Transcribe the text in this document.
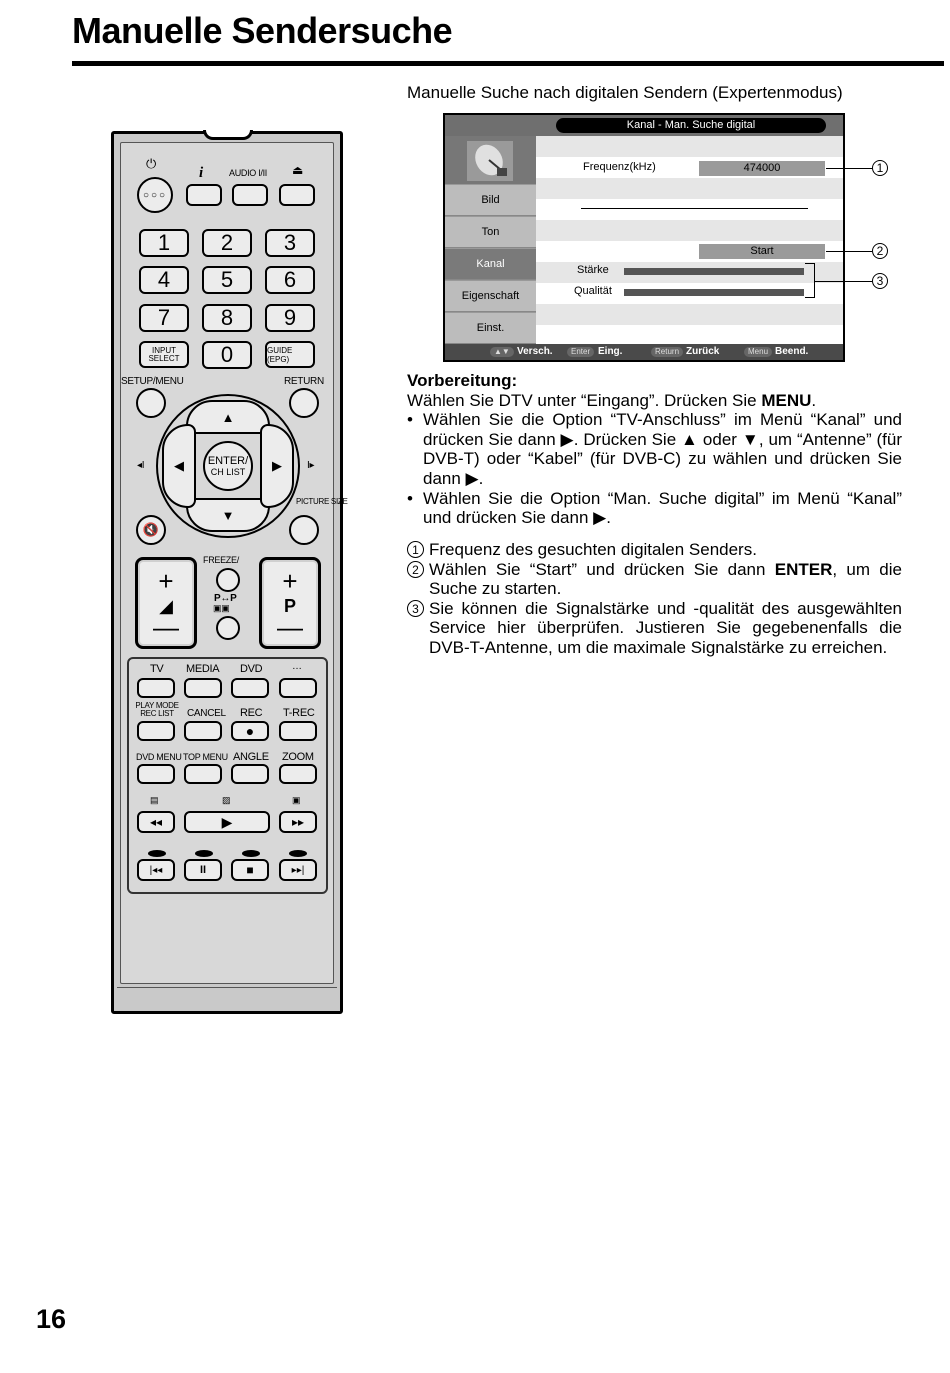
Manuelle Sendersuche
⏻
○○○
i	AUDIO I/II ⏏
1	2	3
4	5	6
7	8	9
INPUT SELECT	0	GUIDE (EPG)
SETUP/MENU	RETURN
▲
▼
◀	▶
ENTER/
CH LIST
◂I	I▸
PICTURE SIZE
🔇
+
◢
—
+
P
—
FREEZE/
P↔P
▣▣
TV MEDIA DVD	…
PLAY MODE REC LIST	CANCEL REC T-REC
●
DVD MENU TOP MENU ANGLE ZOOM
▤	▨	▣
◂◂	▶	▸▸
|◂◂	II	■	▸▸|
Manuelle Suche nach digitalen Sendern (Expertenmodus)
Kanal - Man. Suche digital
Bild
Ton
Kanal
Eigenschaft
Einst.
Frequenz(kHz)	474000
Start
Stärke
Qualität
▲▼ Versch.	Enter Eing.	Return Zurück	Menu Beend.
1
2
3
Vorbereitung:

Wählen Sie DTV unter “Eingang”. Drücken Sie MENU.

• Wählen Sie die Option “TV-Anschluss” im Menü “Kanal” und drücken Sie dann ▶. Drücken Sie ▲ oder ▼, um “Antenne” (für DVB-T) oder “Kabel” (für DVB-C) zu wählen und drücken Sie dann ▶.
• Wählen Sie die Option “Man. Suche digital” im Menü “Kanal” und drücken Sie dann ▶.
1 Frequenz des gesuchten digitalen Senders.
2 Wählen Sie “Start” und drücken Sie dann ENTER, um die Suche zu starten.
3 Sie können die Signalstärke und -qualität des ausgewählten Service hier überprüfen. Justieren Sie gegebenenfalls die DVB-T-Antenne, um die maximale Signalstärke zu erreichen.
16
